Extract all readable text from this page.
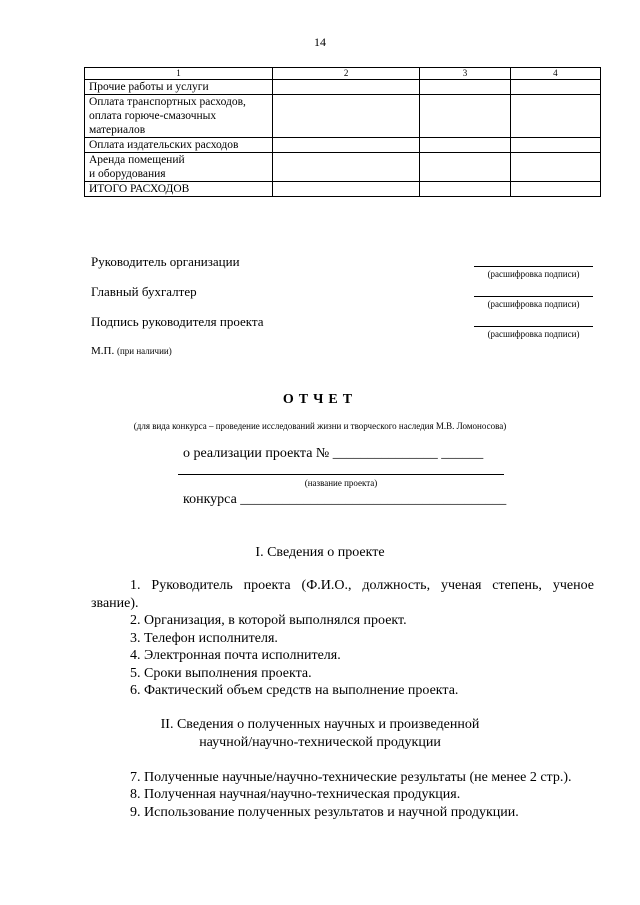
14
1	2	3	4

Прочие работы и услуги			

Оплата транспортных расходов,
оплата горюче-смазочных
материалов			

Оплата издательских расходов			

Аренда помещений
и оборудования			

ИТОГО РАСХОДОВ			

Руководитель организации
(расшифровка подписи)
Главный бухгалтер
(расшифровка подписи)
Подпись руководителя проекта
(расшифровка подписи)
М.П. (при наличии)
ОТЧЕТ
(для вида конкурса – проведение исследований жизни и творческого наследия М.В. Ломоносова)
о реализации проекта № _______________ ______
(название проекта)
конкурса ______________________________________
I. Сведения о проекте
1. Руководитель проекта (Ф.И.О., должность, ученая степень, ученое
звание).
2. Организация, в которой выполнялся проект.
3. Телефон исполнителя.
4. Электронная почта исполнителя.
5. Сроки выполнения проекта.
6. Фактический объем средств на выполнение проекта.
II. Сведения о полученных научных и произведенной
научной/научно-технической продукции
7. Полученные научные/научно-технические результаты (не менее 2 стр.).
8. Полученная научная/научно-техническая продукция.
9. Использование полученных результатов и научной продукции.
